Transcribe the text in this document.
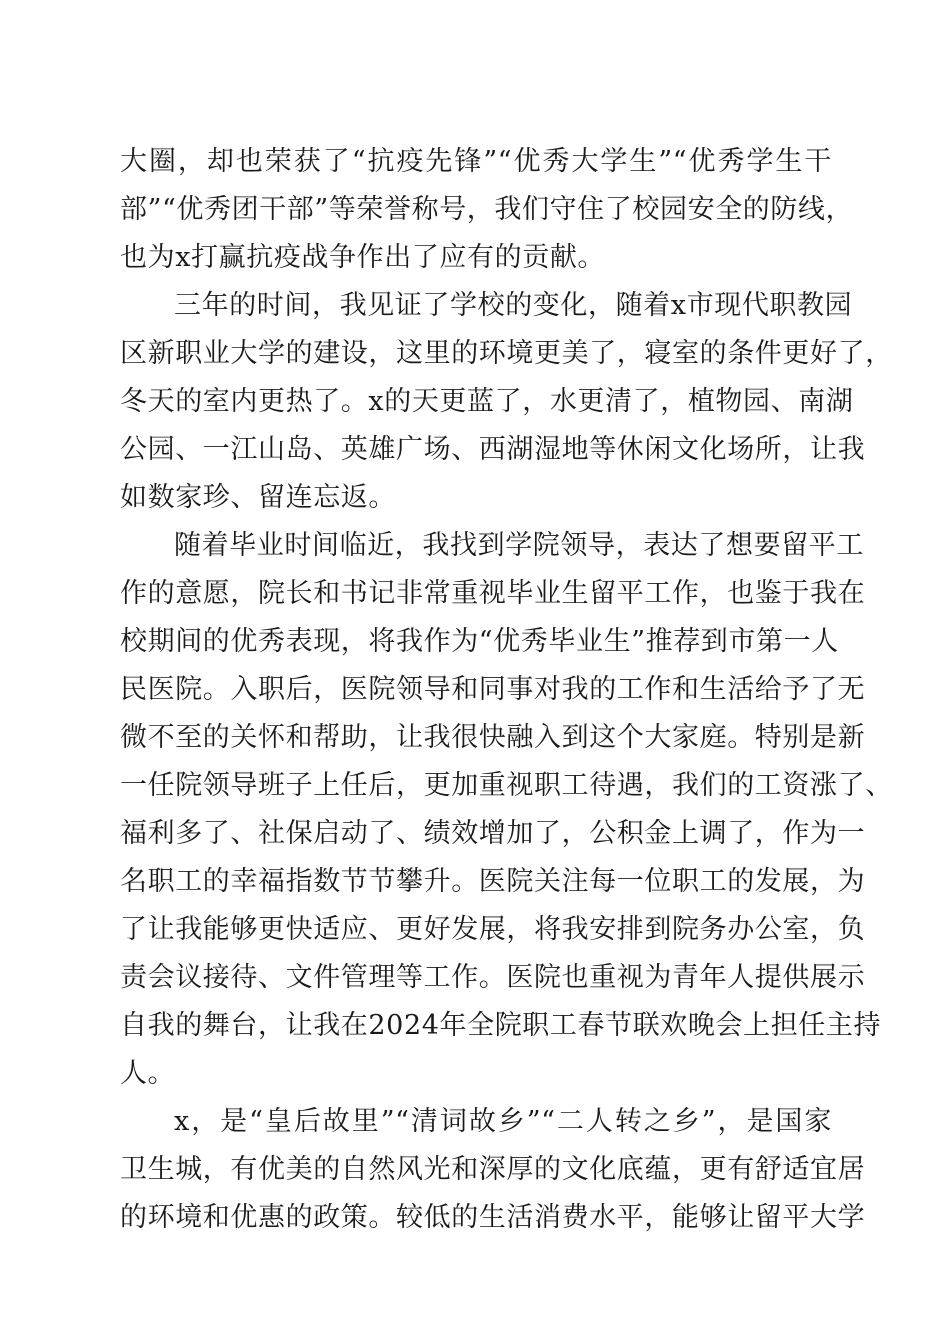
大圈，却也荣获了“抗疫先锋”“优秀大学生”“优秀学生干
部”“优秀团干部”等荣誉称号，我们守住了校园安全的防线，
也为x打赢抗疫战争作出了应有的贡献。
三年的时间，我见证了学校的变化，随着x市现代职教园
区新职业大学的建设，这里的环境更美了，寝室的条件更好了，
冬天的室内更热了。x的天更蓝了，水更清了，植物园、南湖
公园、一江山岛、英雄广场、西湖湿地等休闲文化场所，让我
如数家珍、留连忘返。
随着毕业时间临近，我找到学院领导，表达了想要留平工
作的意愿，院长和书记非常重视毕业生留平工作，也鉴于我在
校期间的优秀表现，将我作为“优秀毕业生”推荐到市第一人
民医院。入职后，医院领导和同事对我的工作和生活给予了无
微不至的关怀和帮助，让我很快融入到这个大家庭。特别是新
一任院领导班子上任后，更加重视职工待遇，我们的工资涨了、
福利多了、社保启动了、绩效增加了，公积金上调了，作为一
名职工的幸福指数节节攀升。医院关注每一位职工的发展，为
了让我能够更快适应、更好发展，将我安排到院务办公室，负
责会议接待、文件管理等工作。医院也重视为青年人提供展示
自我的舞台，让我在2024年全院职工春节联欢晚会上担任主持
人。
x，是“皇后故里”“清词故乡”“二人转之乡”，是国家
卫生城，有优美的自然风光和深厚的文化底蕴，更有舒适宜居
的环境和优惠的政策。较低的生活消费水平，能够让留平大学
